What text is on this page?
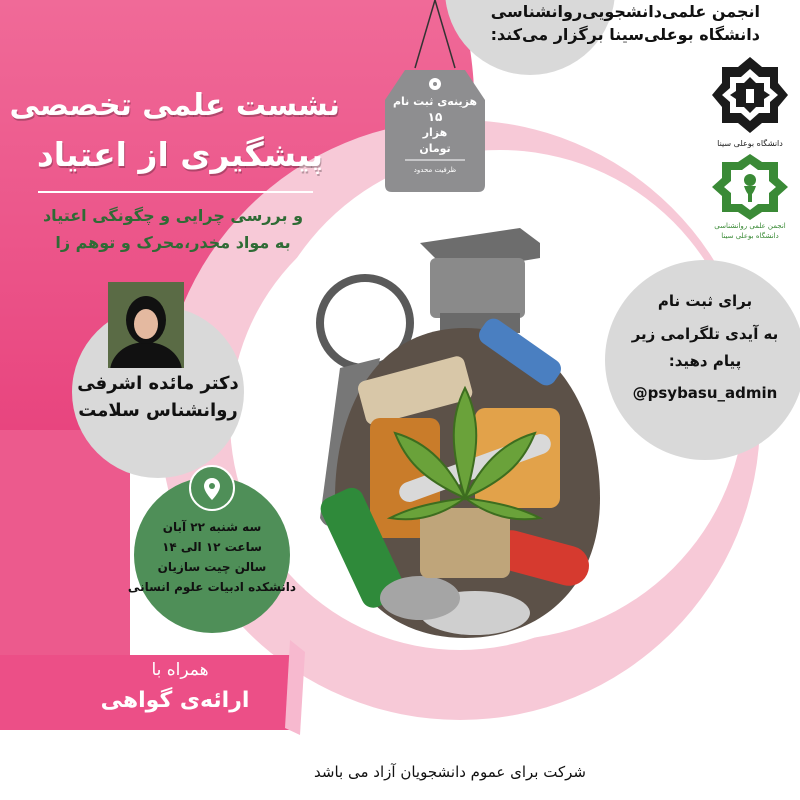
انجمن علمی‌دانشجویی‌روانشناسی
دانشگاه بوعلی‌سینا برگزار می‌کند:
دانشگاه بوعلی سینا
انجمن علمی روانشناسی
دانشگاه بوعلی سینا
نشست علمی تخصصی
پیشگیری از اعتیاد
و بررسی چرایی و چگونگی اعتیاد
به مواد مخدر،محرک و توهم زا
هزینه‌ی ثبت نام
۱۵
هزار
تومان
ظرفیت محدود
دکتر مائده اشرفی
روانشناس سلامت
سه شنبه ۲۲ آبان
ساعت ۱۲ الی ۱۴
سالن چیت سازیان
دانشکده ادبیات علوم انسانی
برای ثبت نام
به آیدی تلگرامی زیر
پیام دهید:
@psybasu_admin
همراه با
ارائه‌ی گواهی
شرکت برای عموم دانشجویان آزاد می باشد
